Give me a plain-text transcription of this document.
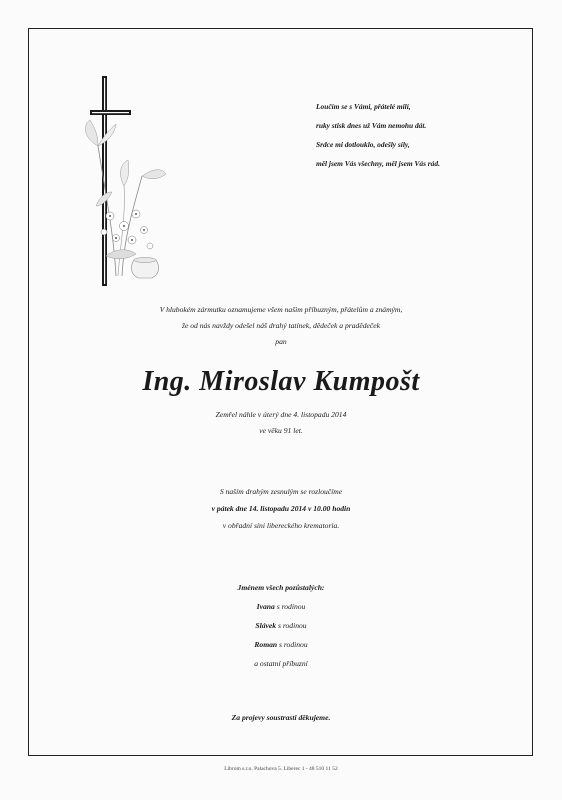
Loučím se s Vámi, přátelé milí,
ruky stisk dnes už Vám nemohu dát.
Srdce mi dotlouklo, odešly síly,
měl jsem Vás všechny, měl jsem Vás rád.
V hlubokém zármutku oznamujeme všem našim příbuzným, přátelům a známým,
že od nás navždy odešel náš drahý tatínek, dědeček a pradědeček
pan
Ing. Miroslav Kumpošt
Zemřel náhle v úterý dne 4. listopadu 2014
ve věku 91 let.
S naším drahým zesnulým se rozloučíme
v pátek dne 14. listopadu 2014 v 10.00 hodin
v obřadní síni libereckého krematoria.
Jménem všech pozůstalých:
Ivana s rodinou
Slávek s rodinou
Roman s rodinou
a ostatní příbuzní
Za projevy soustrasti děkujeme.
Librom s.r.o. Palachova 5. Liberec 1 - 48 510 11 52
